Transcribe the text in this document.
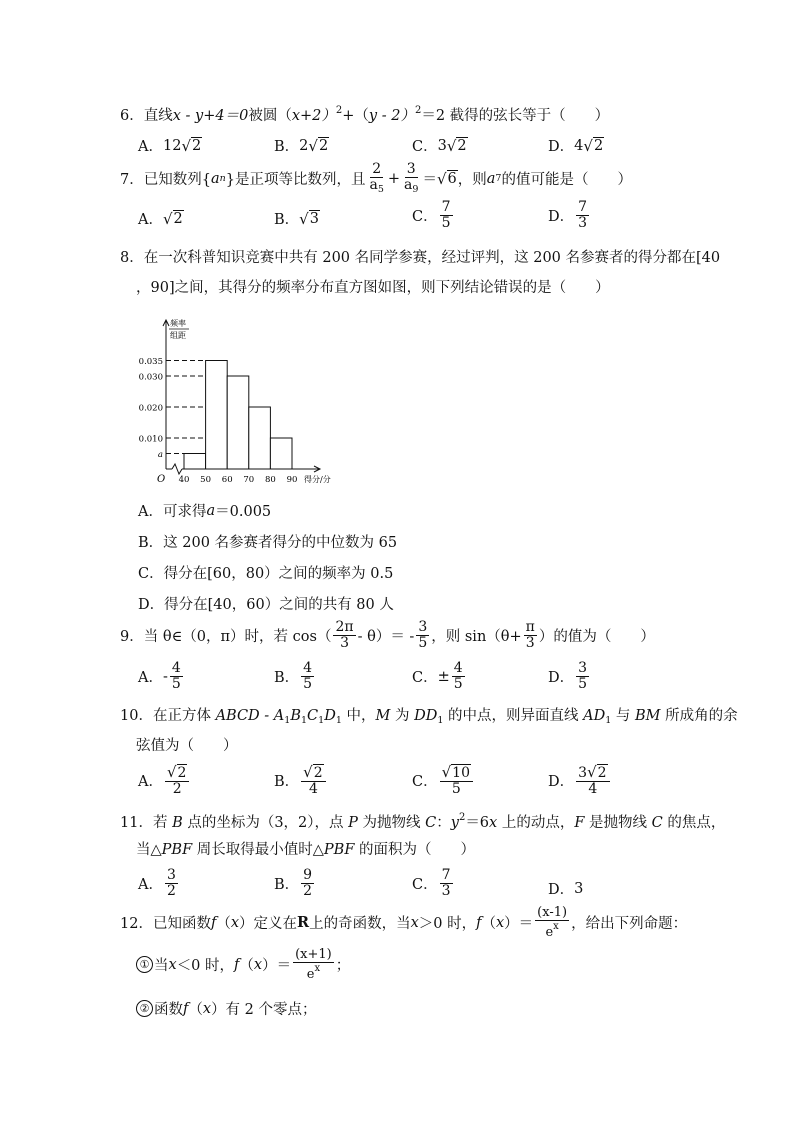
6．直线x - y+4＝0被圆$(x+2)^2+(y - 2)^2=2$ 截得的弦长等于（　　）
A． 12 √ 2	B． 2 √ 2	C． 3 √ 2	D． 4 √ 2
7． 已知数列{ a n }是正项等比数列，且 $\frac{2}{a_5} + \frac{3}{a_9}$ ＝ √ 6 ，则 a 7 的值可能是（　　）
A． √ 2	B． √ 3	C． $\frac{7}{5}$	D． $\frac{7}{3}$
8．在一次科普知识竞赛中共有 200 名同学参赛，经过评判，这 200 名参赛者的得分都在[40
，90]之间，其得分的频率分布直方图如图，则下列结论错误的是（　　）
0.035
0.030
0.020
0.010
a
40 50 60 70 80 90
O	得分/分
频率
组距
A． 可求得 a ＝0.005
B． 这 200 名参赛者得分的中位数为 65
C． 得分在[60，80）之间的频率为 0.5
D． 得分在[40，60）之间的共有 80 人
9． 当 θ∈（0，π）时，若 $\cos( \frac{2\pi}{3} - \theta)= - \frac{3}{5}$ ，则 $\sin(\theta+ \frac{\pi}{3}$ ）的值为（　　）
A． - $\frac{4}{5}$	B． $\frac{4}{5}$	C． ± $\frac{4}{5}$	D． $\frac{3}{5}$
10．在正方体 ABCD - $A_1B_1C_1D_1$ 中，M 为 $DD_1$ 的中点，则异面直线 $AD_1$ 与 BM 所成角的余
弦值为（　　）
A． $\frac{√ 2}{2}$	B． $\frac{√ 2}{4}$	C． $\frac{√ 10}{5}$	D． $\frac{3 √ 2}{4}$
11．若 B 点的坐标为（3，2），点 P 为抛物线 C：$y^2=6x$ 上的动点，F 是抛物线 C 的焦点，
当△PBF 周长取得最小值时△PBF 的面积为（　　）
A． $\frac{3}{2}$	B． $\frac{9}{2}$	C． $\frac{7}{3}$	D． 3
12． 已知函数 f （ x ）定义在 R 上的奇函数，当 x ＞0 时， f （ x ）＝ $\frac{(x-1)}{e^x}$ ，给出下列命题：
① 当 x ＜0 时， f （ x ）＝ $\frac{(x+1)}{e^x}$ ；
② 函数 f （ x ）有 2 个零点；
